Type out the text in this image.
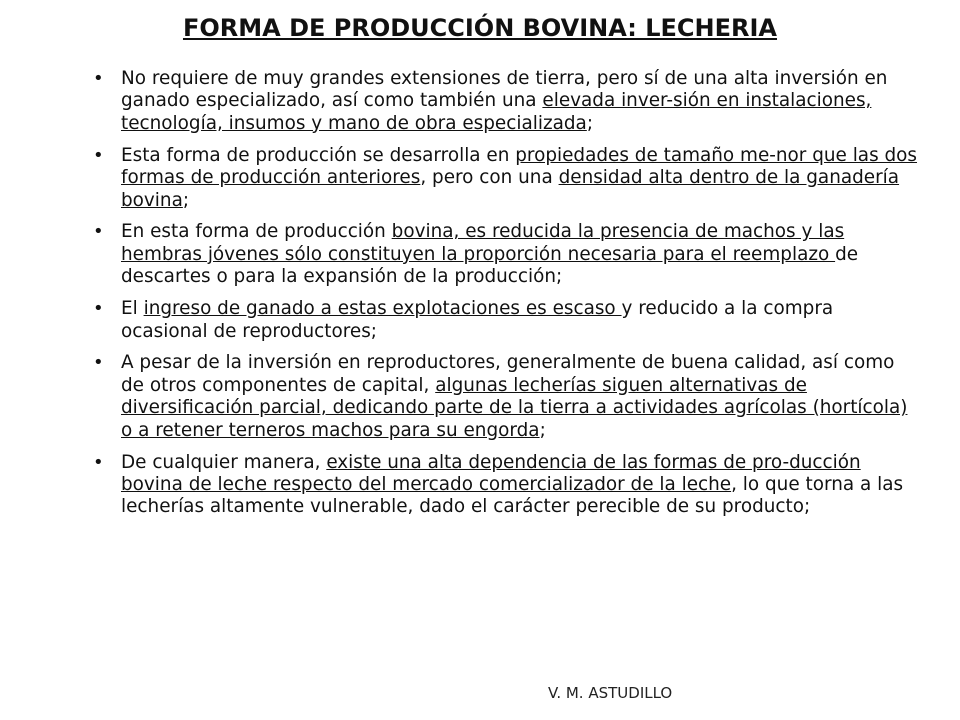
FORMA DE PRODUCCIÓN BOVINA: LECHERIA
• No requiere de muy grandes extensiones de tierra, pero sí de una alta inversión en ganado especializado, así como también una elevada inver-sión en instalaciones, tecnología, insumos y mano de obra especializada;
• Esta forma de producción se desarrolla en propiedades de tamaño me-nor que las dos formas de producción anteriores, pero con una densidad alta dentro de la ganadería bovina;
• En esta forma de producción bovina, es reducida la presencia de machos y las hembras jóvenes sólo constituyen la proporción necesaria para el reemplazo de descartes o para la expansión de la producción;
• El ingreso de ganado a estas explotaciones es escaso y reducido a la compra ocasional de reproductores;
• A pesar de la inversión en reproductores, generalmente de buena calidad, así como de otros componentes de capital, algunas lecherías siguen alternativas de diversificación parcial, dedicando parte de la tierra a actividades agrícolas (hortícola) o a retener terneros machos para su engorda;
• De cualquier manera, existe una alta dependencia de las formas de pro-ducción bovina de leche respecto del mercado comercializador de la leche, lo que torna a las lecherías altamente vulnerable, dado el carácter perecible de su producto;
V. M. ASTUDILLO
